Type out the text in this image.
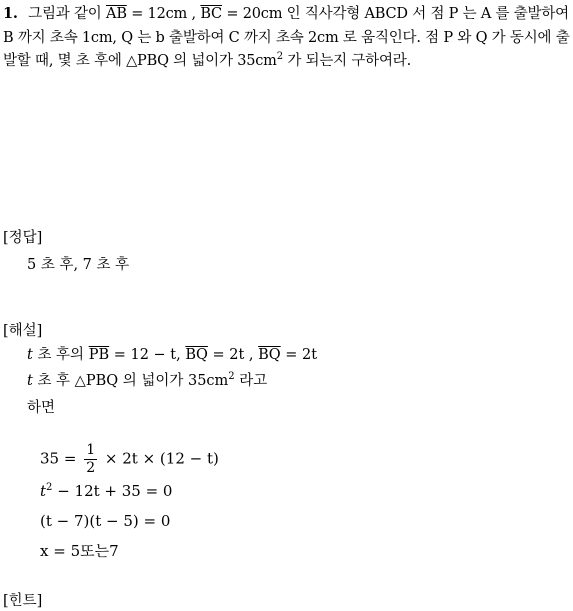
1. 그림과 같이 $\overline{AB} = 12cm$ , $\overline{BC} = 20cm$ 인 직사각형 ABCD 서 점 P 는 A 를 출발하여 B 까지 초속 1cm, Q 는 b 출발하여 C 까지 초속 2cm 로 움직인다. 점 P 와 Q 가 동시에 출발할 때, 몇 초 후에 △PBQ 의 넓이가 $35cm^2$ 가 되는지 구하여라.
[정답]
5 초 후, 7 초 후
[해설]
t 초 후의 $\overline{PB} = 12 - t$, $\overline{BQ} = 2t$ , $\overline{BQ} = 2t$
t 초 후 △PBQ 의 넓이가 $35cm^2$ 라고
하면
$35 = \frac{1}{2} \times 2t \times (12 - t)$
$t^2 - 12t + 35 = 0$
(t − 7)(t − 5) = 0
x = 5또는7
[힌트]
